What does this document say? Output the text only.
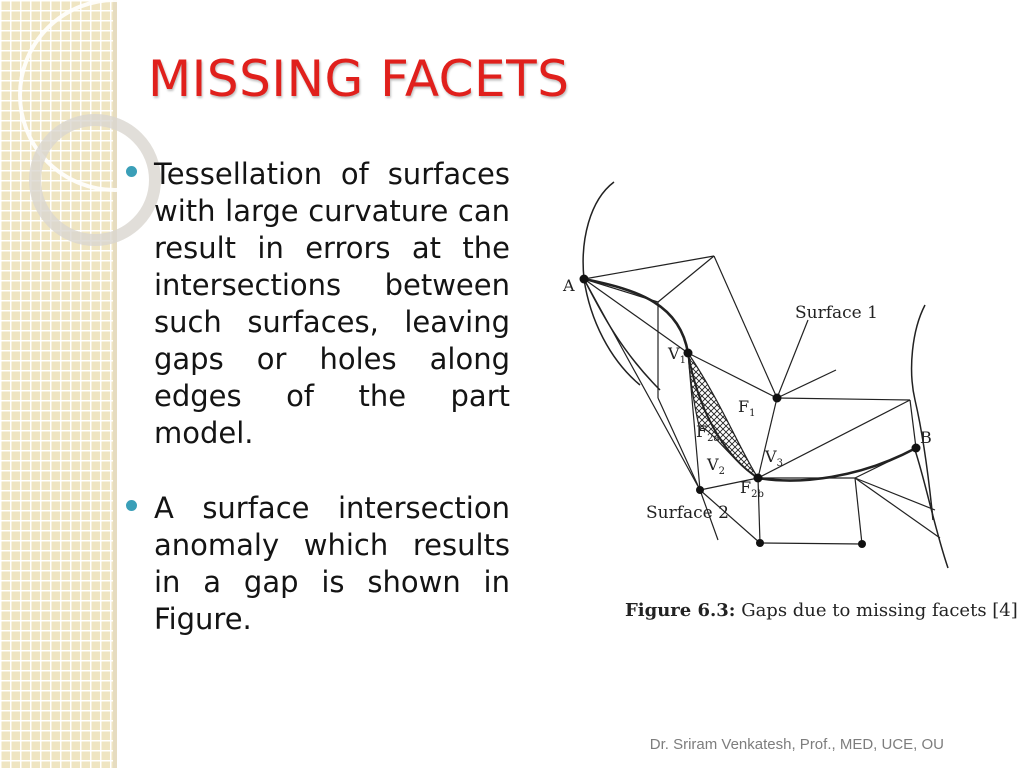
MISSING FACETS
Tessellation of surfaces with large curvature can result in errors at the intersections between such surfaces, leaving gaps or holes along edges of the part model.
A surface intersection anomaly which results in a gap is shown in Figure.
A
B
$V_1$
$V_2$
$V_3$
$F_1$
$F_{2a}$
$F_{2b}$
Surface 1
Surface 2
Figure 6.3: Gaps due to missing facets [4]
Dr. Sriram Venkatesh, Prof., MED, UCE, OU
